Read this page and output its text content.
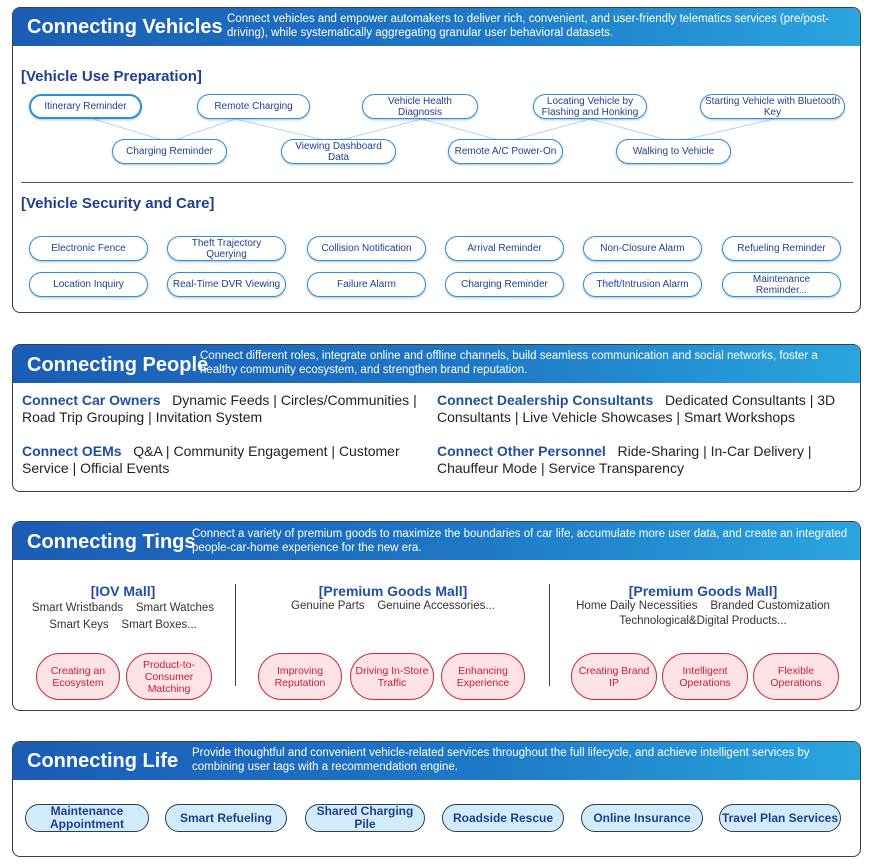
Connecting Vehicles Connect vehicles and empower automakers to deliver rich, convenient, and user-friendly telematics services (pre/post-driving), while systematically aggregating granular user behavioral datasets.
[Vehicle Use Preparation]
Itinerary Reminder	Remote Charging	Vehicle Health Diagnosis
Locating Vehicle by Flashing and Honking
Starting Vehicle with Bluetooth Key
Charging Reminder	Viewing Dashboard Data	Remote A/C Power-On	Walking to Vehicle
[Vehicle Security and Care]
Electronic Fence	Theft Trajectory Querying	Collision Notification	Arrival Reminder	Non-Closure Alarm	Refueling Reminder
Location Inquiry	Real-Time DVR Viewing	Failure Alarm	Charging Reminder	Theft/Intrusion Alarm	Maintenance Reminder...
Connecting People
Connect different roles, integrate online and offline channels, build seamless communication and social networks, foster a healthy community ecosystem, and strengthen brand reputation.
Connect Car Owners Dynamic Feeds | Circles/Communities | Road Trip Grouping | Invitation System
Connect Dealership Consultants Dedicated Consultants | 3D Consultants | Live Vehicle Showcases | Smart Workshops
Connect OEMs Q&A | Community Engagement | Customer Service | Official Events
Connect Other Personnel Ride-Sharing | In-Car Delivery | Chauffeur Mode | Service Transparency
Connecting Tings
Connect a variety of premium goods to maximize the boundaries of car life, accumulate more user data, and create an integrated people-car-home experience for the new era.
[IOV Mall]
Smart Wristbands    Smart Watches
Smart Keys    Smart Boxes...
[Premium Goods Mall]
Genuine Parts    Genuine Accessories...
[Premium Goods Mall]
Home Daily Necessities    Branded Customization
Technological&Digital Products...
Creating an Ecosystem
Product-to-Consumer Matching
Improving Reputation
Driving In-Store Traffic
Enhancing Experience
Creating Brand IP
Intelligent Operations
Flexible Operations
Connecting Life Provide thoughtful and convenient vehicle-related services throughout the full lifecycle, and achieve intelligent services by combining user tags with a recommendation engine.
Maintenance Appointment	Smart Refueling	Shared Charging Pile	Roadside Rescue	Online Insurance	Travel Plan Services
